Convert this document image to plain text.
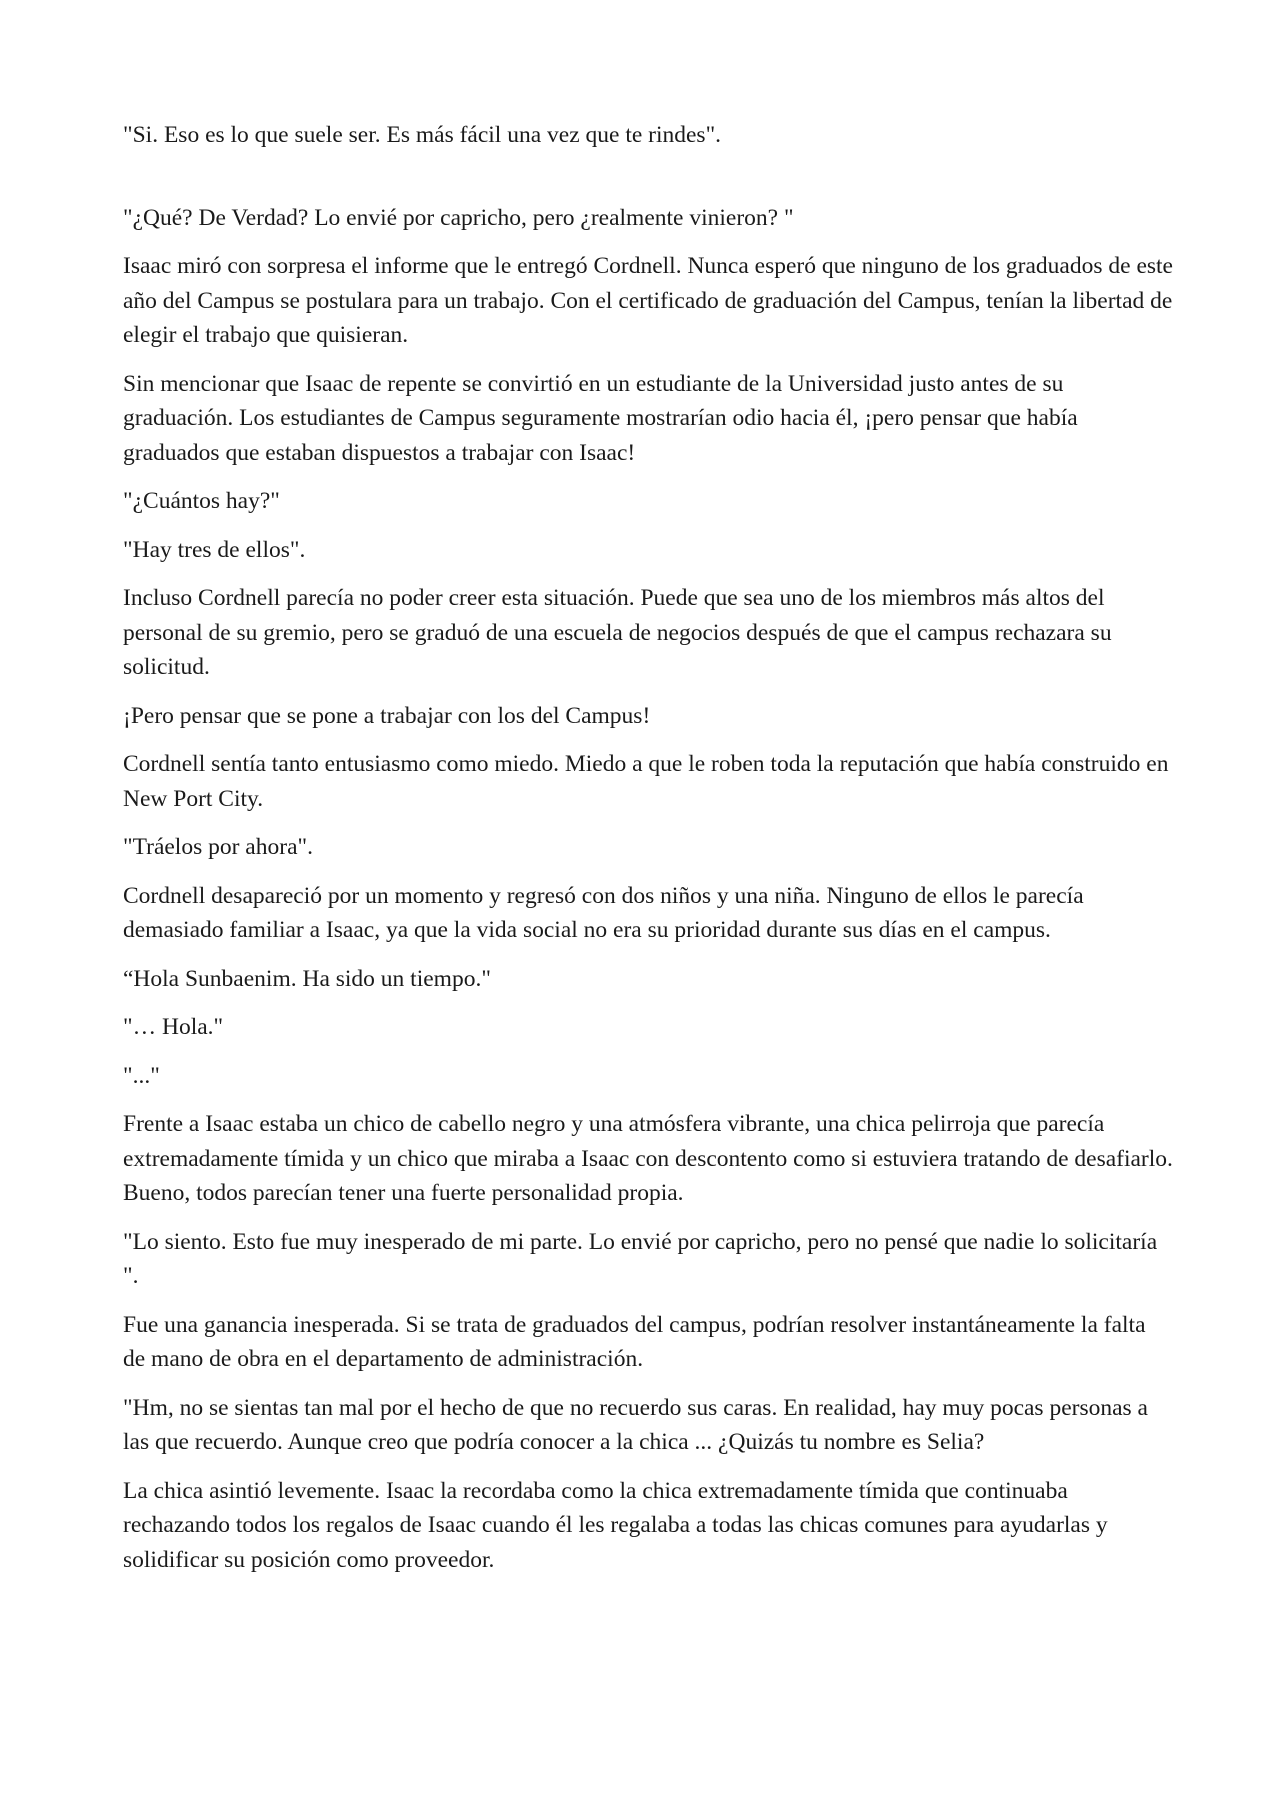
"Si. Eso es lo que suele ser. Es más fácil una vez que te rindes".

"¿Qué? De Verdad? Lo envié por capricho, pero ¿realmente vinieron? "

Isaac miró con sorpresa el informe que le entregó Cordnell. Nunca esperó que ninguno de los graduados de este año del Campus se postulara para un trabajo. Con el certificado de graduación del Campus, tenían la libertad de elegir el trabajo que quisieran.

Sin mencionar que Isaac de repente se convirtió en un estudiante de la Universidad justo antes de su graduación. Los estudiantes de Campus seguramente mostrarían odio hacia él, ¡pero pensar que había graduados que estaban dispuestos a trabajar con Isaac!

"¿Cuántos hay?"

"Hay tres de ellos".

Incluso Cordnell parecía no poder creer esta situación. Puede que sea uno de los miembros más altos del personal de su gremio, pero se graduó de una escuela de negocios después de que el campus rechazara su solicitud.

¡Pero pensar que se pone a trabajar con los del Campus!

Cordnell sentía tanto entusiasmo como miedo. Miedo a que le roben toda la reputación que había construido en New Port City.

"Tráelos por ahora".

Cordnell desapareció por un momento y regresó con dos niños y una niña. Ninguno de ellos le parecía demasiado familiar a Isaac, ya que la vida social no era su prioridad durante sus días en el campus.

“Hola Sunbaenim. Ha sido un tiempo."

"… Hola."

"..."

Frente a Isaac estaba un chico de cabello negro y una atmósfera vibrante, una chica pelirroja que parecía extremadamente tímida y un chico que miraba a Isaac con descontento como si estuviera tratando de desafiarlo. Bueno, todos parecían tener una fuerte personalidad propia.

"Lo siento. Esto fue muy inesperado de mi parte. Lo envié por capricho, pero no pensé que nadie lo solicitaría ".

Fue una ganancia inesperada. Si se trata de graduados del campus, podrían resolver instantáneamente la falta de mano de obra en el departamento de administración.

"Hm, no se sientas tan mal por el hecho de que no recuerdo sus caras. En realidad, hay muy pocas personas a las que recuerdo. Aunque creo que podría conocer a la chica ... ¿Quizás tu nombre es Selia?

La chica asintió levemente. Isaac la recordaba como la chica extremadamente tímida que continuaba rechazando todos los regalos de Isaac cuando él les regalaba a todas las chicas comunes para ayudarlas y solidificar su posición como proveedor.
